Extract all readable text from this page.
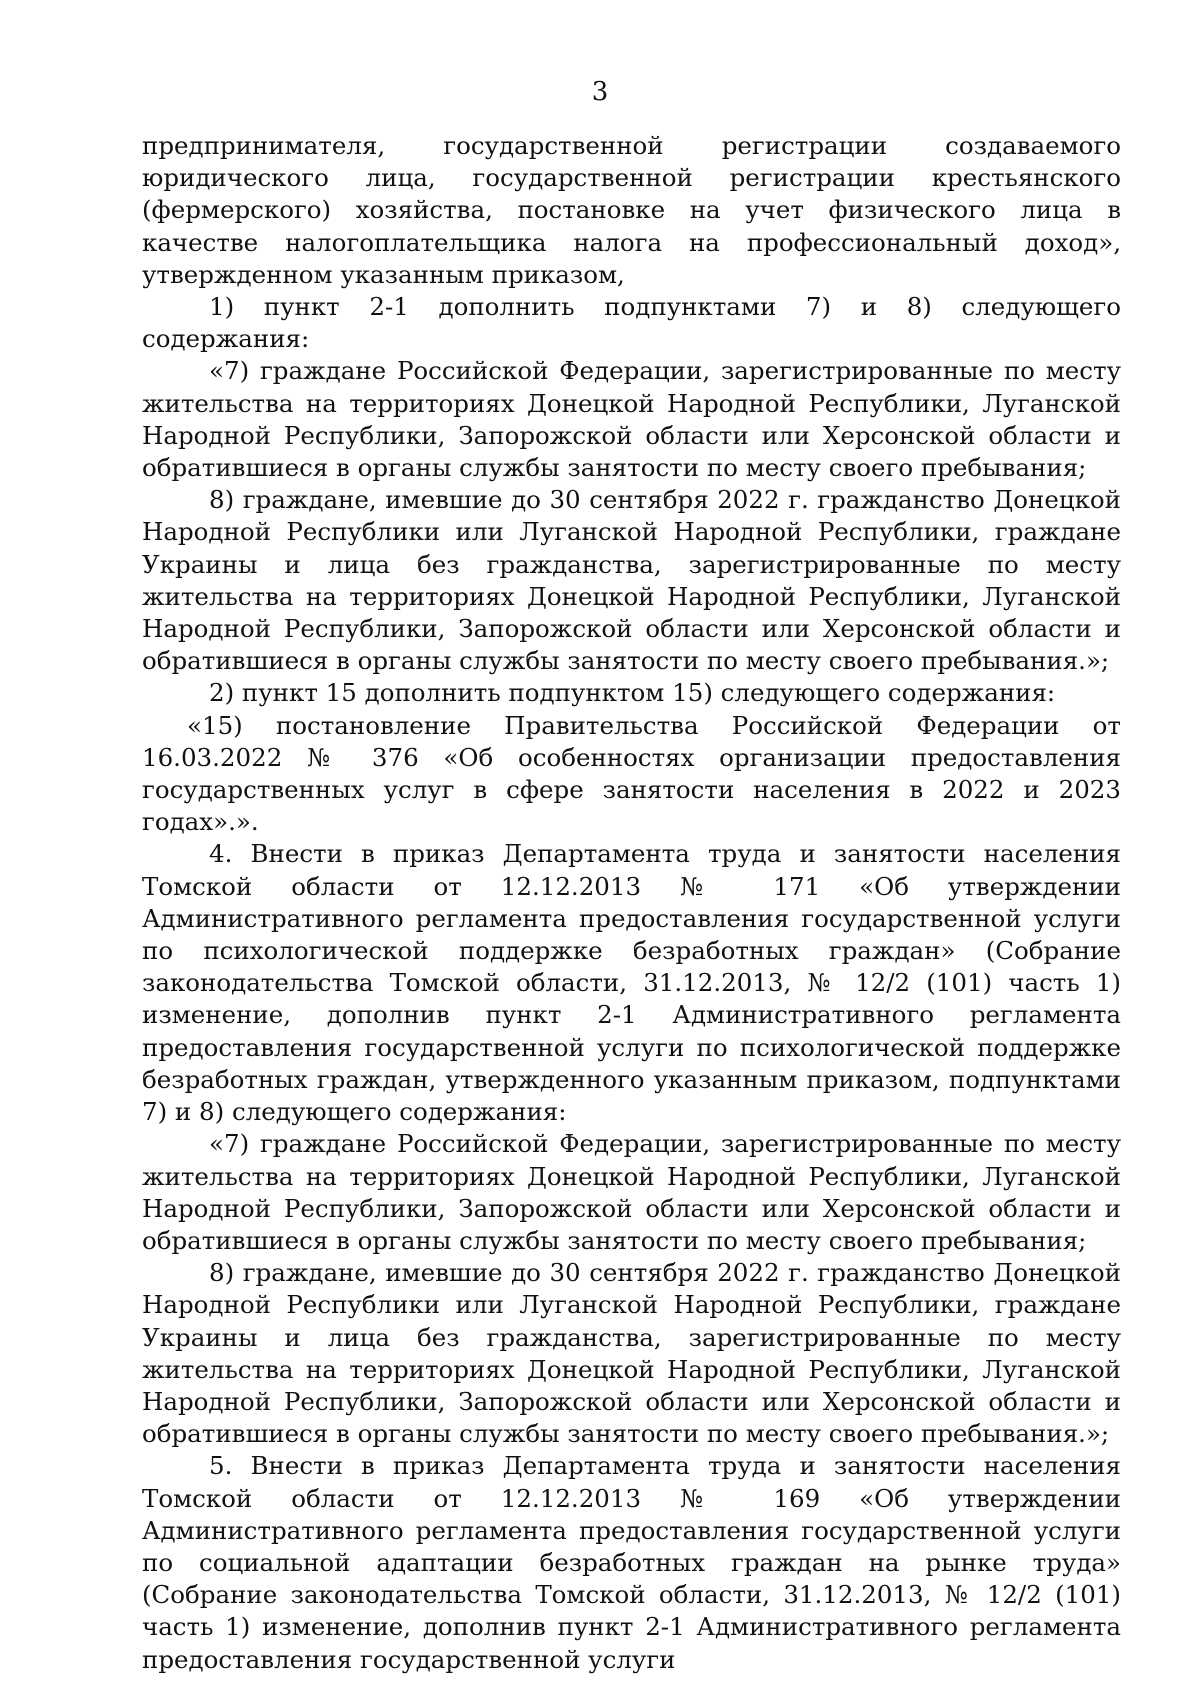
3

предпринимателя, государственной регистрации создаваемого юридического лица, государственной регистрации крестьянского (фермерского) хозяйства, постановке на учет физического лица в качестве налогоплательщика налога на профессиональный доход», утвержденном указанным приказом,

1) пункт 2-1 дополнить подпунктами 7) и 8) следующего содержания:

«7) граждане Российской Федерации, зарегистрированные по месту жительства на территориях Донецкой Народной Республики, Луганской Народной Республики, Запорожской области или Херсонской области и обратившиеся в органы службы занятости по месту своего пребывания;

8) граждане, имевшие до 30 сентября 2022 г. гражданство Донецкой Народной Республики или Луганской Народной Республики, граждане Украины и лица без гражданства, зарегистрированные по месту жительства на территориях Донецкой Народной Республики, Луганской Народной Республики, Запорожской области или Херсонской области и обратившиеся в органы службы занятости по месту своего пребывания.»;

2) пункт 15 дополнить подпунктом 15) следующего содержания:

«15) постановление Правительства Российской Федерации от 16.03.2022 № 376 «Об особенностях организации предоставления государственных услуг в сфере занятости населения в 2022 и 2023 годах».».

4. Внести в приказ Департамента труда и занятости населения Томской области от 12.12.2013 № 171 «Об утверждении Административного регламента предоставления государственной услуги по психологической поддержке безработных граждан» (Собрание законодательства Томской области, 31.12.2013, № 12/2 (101) часть 1) изменение, дополнив пункт 2-1 Административного регламента предоставления государственной услуги по психологической поддержке безработных граждан, утвержденного указанным приказом, подпунктами 7) и 8) следующего содержания:

«7) граждане Российской Федерации, зарегистрированные по месту жительства на территориях Донецкой Народной Республики, Луганской Народной Республики, Запорожской области или Херсонской области и обратившиеся в органы службы занятости по месту своего пребывания;

8) граждане, имевшие до 30 сентября 2022 г. гражданство Донецкой Народной Республики или Луганской Народной Республики, граждане Украины и лица без гражданства, зарегистрированные по месту жительства на территориях Донецкой Народной Республики, Луганской Народной Республики, Запорожской области или Херсонской области и обратившиеся в органы службы занятости по месту своего пребывания.»;

5. Внести в приказ Департамента труда и занятости населения Томской области от 12.12.2013 № 169 «Об утверждении Административного регламента предоставления государственной услуги по социальной адаптации безработных граждан на рынке труда» (Собрание законодательства Томской области, 31.12.2013, № 12/2 (101) часть 1) изменение, дополнив пункт 2-1 Административного регламента предоставления государственной услуги
